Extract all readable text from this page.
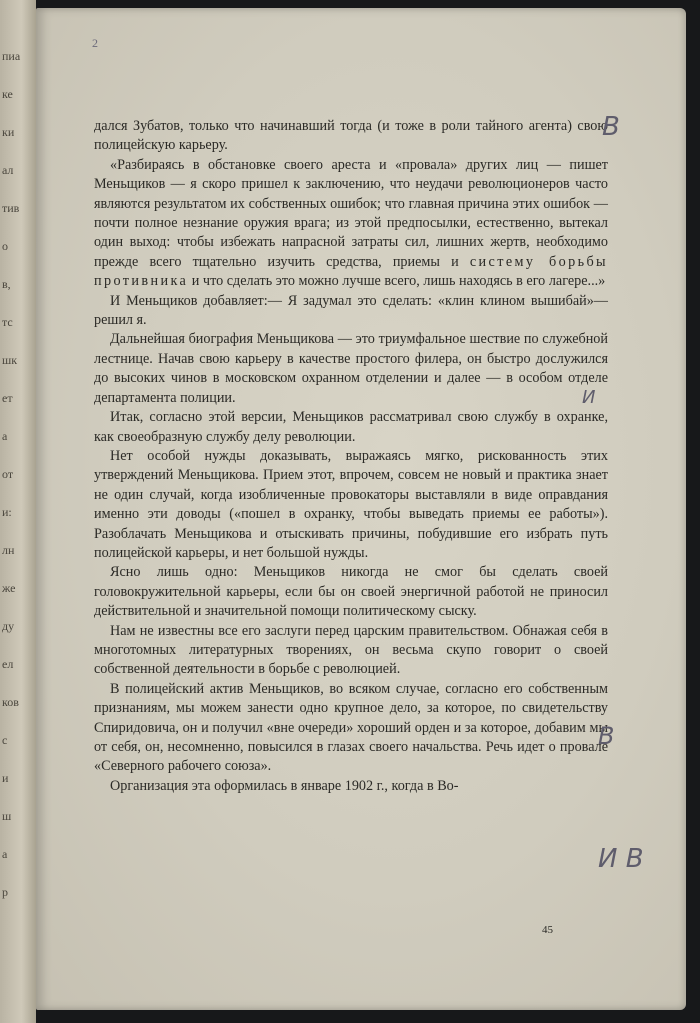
пиа
ке
ки
ал
тив
о
в,
тс
шк
ет
а
от
и:
лн
же
ду
ел
ков
с
и
ш
а
р
2

дался Зубатов, только что начинавший тогда (и тоже в роли тайного агента) свою полицейскую карьеру.

«Разбираясь в обстановке своего ареста и «провала» других лиц — пишет Меньщиков — я скоро пришел к заключению, что неудачи революционеров часто являются результатом их собственных ошибок; что главная причина этих ошибок — почти полное незнание оружия врага; из этой предпосылки, естественно, вытекал один выход: чтобы избежать напрасной затраты сил, лишних жертв, необходимо прежде всего тщательно изучить средства, приемы и систему борьбы противника и что сделать это можно лучше всего, лишь находясь в его лагере...»

И Меньщиков добавляет:— Я задумал это сделать: «клин клином вышибай»—решил я.

Дальнейшая биография Меньщикова — это триумфальное шествие по служебной лестнице. Начав свою карьеру в качестве простого филера, он быстро дослужился до высоких чинов в московском охранном отделении и далее — в особом отделе департамента полиции.

Итак, согласно этой версии, Меньщиков рассматривал свою службу в охранке, как своеобразную службу делу революции.

Нет особой нужды доказывать, выражаясь мягко, рискованность этих утверждений Меньщикова. Прием этот, впрочем, совсем не новый и практика знает не один случай, когда изобличенные провокаторы выставляли в виде оправдания именно эти доводы («пошел в охранку, чтобы выведать приемы ее работы»). Разоблачать Меньщикова и отыскивать причины, побудившие его избрать путь полицейской карьеры, и нет большой нужды.

Ясно лишь одно: Меньщиков никогда не смог бы сделать своей головокружительной карьеры, если бы он своей энергичной работой не приносил действительной и значительной помощи политическому сыску.

Нам не известны все его заслуги перед царским правительством. Обнажая себя в многотомных литературных творениях, он весьма скупо говорит о своей собственной деятельности в борьбе с революцией.

В полицейский актив Меньщиков, во всяком случае, согласно его собственным признаниям, мы можем занести одно крупное дело, за которое, по свидетельству Спиридовича, он и получил «вне очереди» хороший орден и за которое, добавим мы от себя, он, несомненно, повысился в глазах своего начальства. Речь идет о провале «Северного рабочего союза».

Организация эта оформилась в январе 1902 г., когда в Во-

45
В
И
В
И В
